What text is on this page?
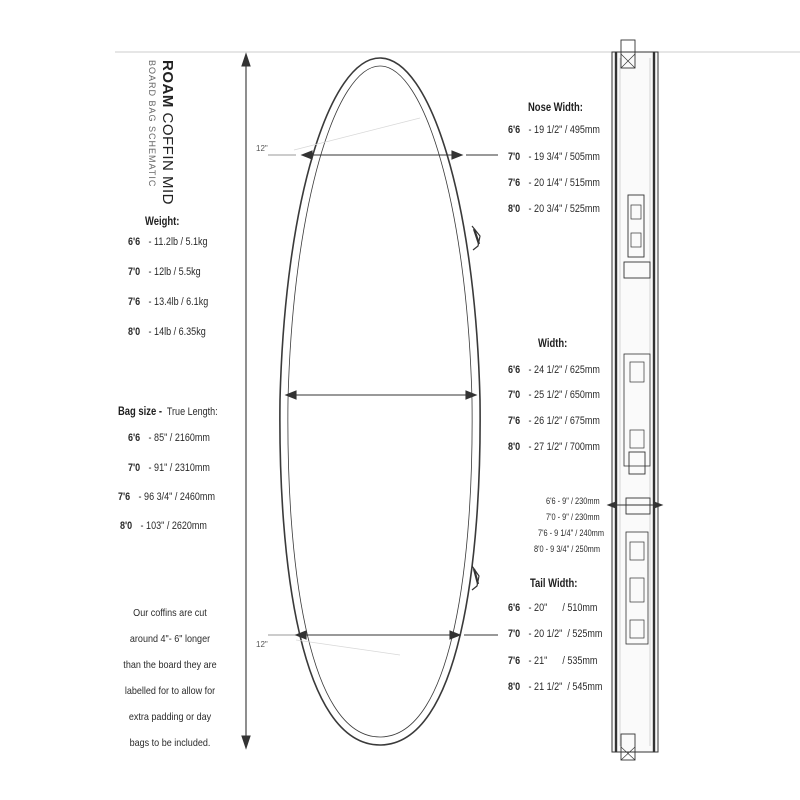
ROAM COFFIN MID
BOARD BAG SCHEMATIC	12"
12"
Weight:
6'6 - 11.2lb / 5.1kg
7'0 - 12lb / 5.5kg
7'6 - 13.4lb / 6.1kg
8'0 - 14lb / 6.35kg
Bag size - True Length:
6'6 - 85" / 2160mm
7'0 - 91" / 2310mm
7'6 - 96 3/4" / 2460mm
8'0 - 103" / 2620mm
Our coffins are cut
around 4"- 6" longer
than the board they are
labelled for to allow for
extra padding or day
bags to be included.
Nose Width:
6'6 - 19 1/2" / 495mm
7'0 - 19 3/4" / 505mm
7'6 - 20 1/4" / 515mm
8'0 - 20 3/4" / 525mm
Width:
6'6 - 24 1/2" / 625mm
7'0 - 25 1/2" / 650mm
7'6 - 26 1/2" / 675mm
8'0 - 27 1/2" / 700mm
6'6 - 9" / 230mm
7'0 - 9" / 230mm
7'6 - 9 1/4" / 240mm
8'0 - 9 3/4" / 250mm
Tail Width:
6'6 - 20"      / 510mm
7'0 - 20 1/2"  / 525mm
7'6 - 21"      / 535mm
8'0 - 21 1/2"  / 545mm
